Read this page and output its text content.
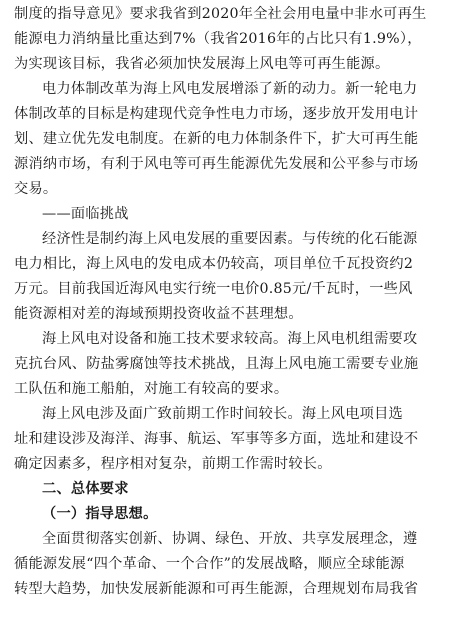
制度的指导意见》要求我省到2020年全社会用电量中非水可再生
能源电力消纳量比重达到7%（我省2016年的占比只有1.9%），
为实现该目标，我省必须加快发展海上风电等可再生能源。
电力体制改革为海上风电发展增添了新的动力。新一轮电力
体制改革的目标是构建现代竞争性电力市场，逐步放开发用电计
划、建立优先发电制度。在新的电力体制条件下，扩大可再生能
源消纳市场，有利于风电等可再生能源优先发展和公平参与市场
交易。
——面临挑战
经济性是制约海上风电发展的重要因素。与传统的化石能源
电力相比，海上风电的发电成本仍较高，项目单位千瓦投资约2
万元。目前我国近海风电实行统一电价0.85元/千瓦时，一些风
能资源相对差的海域预期投资收益不甚理想。
海上风电对设备和施工技术要求较高。海上风电机组需要攻
克抗台风、防盐雾腐蚀等技术挑战，且海上风电施工需要专业施
工队伍和施工船舶，对施工有较高的要求。
海上风电涉及面广致前期工作时间较长。海上风电项目选
址和建设涉及海洋、海事、航运、军事等多方面，选址和建设不
确定因素多，程序相对复杂，前期工作需时较长。
二、总体要求
（一）指导思想。
全面贯彻落实创新、协调、绿色、开放、共享发展理念，遵
循能源发展“四个革命、一个合作”的发展战略，顺应全球能源
转型大趋势，加快发展新能源和可再生能源，合理规划布局我省
